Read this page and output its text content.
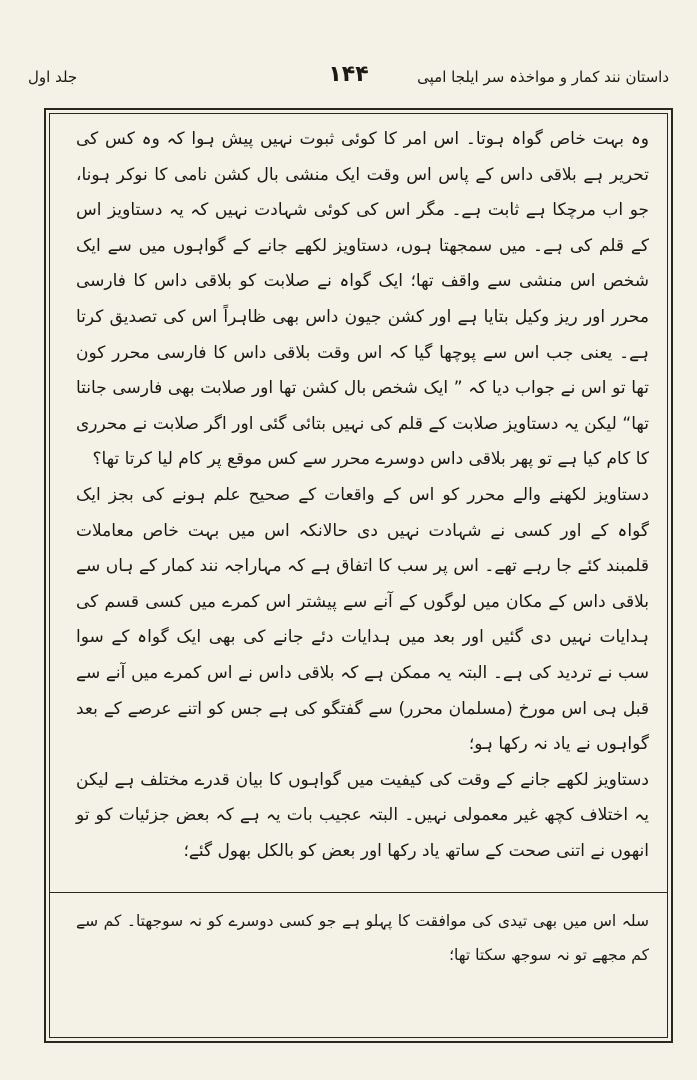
داستان نند کمار و مواخذہ سر ایلجا امپی
۱۴۴
جلد اول

وہ بہت خاص گواہ ہوتا۔ اس امر کا کوئی ثبوت نہیں پیش ہوا کہ وہ کس کی تحریر ہے بلاقی داس کے پاس اس وقت ایک منشی بال کشن نامی کا نوکر ہونا، جو اب مرچکا ہے ثابت ہے۔ مگر اس کی کوئی شہادت نہیں کہ یہ دستاویز اس کے قلم کی ہے۔ میں سمجھتا ہوں، دستاویز لکھے جانے کے گواہوں میں سے ایک شخص اس منشی سے واقف تھا؛ ایک گواہ نے صلابت کو بلاقی داس کا فارسی محرر اور ریز وکیل بتایا ہے اور کشن جیون داس بھی ظاہراً اس کی تصدیق کرتا ہے۔ یعنی جب اس سے پوچھا گیا کہ اس وقت بلاقی داس کا فارسی محرر کون تھا تو اس نے جواب دیا کہ ” ایک شخص بال کشن تھا اور صلابت بھی فارسی جانتا تھا“ لیکن یہ دستاویز صلابت کے قلم کی نہیں بتائی گئی اور اگر صلابت نے محرری کا کام کیا ہے تو پھر بلاقی داس دوسرے محرر سے کس موقع پر کام لیا کرتا تھا؟

دستاویز لکھنے والے محرر کو اس کے واقعات کے صحیح علم ہونے کی بجز ایک گواہ کے اور کسی نے شہادت نہیں دی حالانکہ اس میں بہت خاص معاملات قلمبند کئے جا رہے تھے۔ اس پر سب کا اتفاق ہے کہ مہاراجہ نند کمار کے ہاں سے بلاقی داس کے مکان میں لوگوں کے آنے سے پیشتر اس کمرے میں کسی قسم کی ہدایات نہیں دی گئیں اور بعد میں ہدایات دئے جانے کی بھی ایک گواہ کے سوا سب نے تردید کی ہے۔ البتہ یہ ممکن ہے کہ بلاقی داس نے اس کمرے میں آنے سے قبل ہی اس مورخ (مسلمان محرر) سے گفتگو کی ہے جس کو اتنے عرصے کے بعد گواہوں نے یاد نہ رکھا ہو؛

دستاویز لکھے جانے کے وقت کی کیفیت میں گواہوں کا بیان قدرے مختلف ہے لیکن یہ اختلاف کچھ غیر معمولی نہیں۔ البتہ عجیب بات یہ ہے کہ بعض جزئیات کو تو انھوں نے اتنی صحت کے ساتھ یاد رکھا اور بعض کو بالکل بھول گئے؛

سلہ اس میں بھی تیدی کی موافقت کا پہلو ہے جو کسی دوسرے کو نہ سوجھتا۔ کم سے کم مجھے تو نہ سوجھ سکتا تھا؛
